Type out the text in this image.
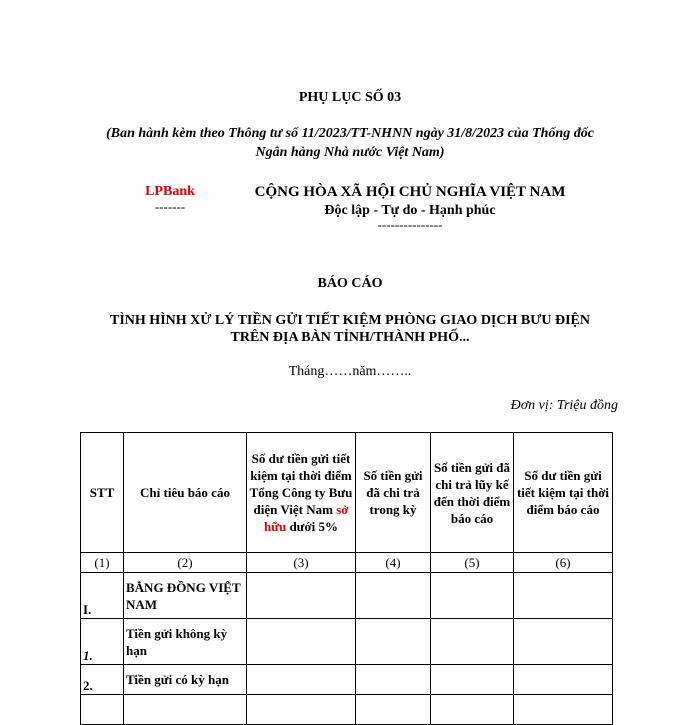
PHỤ LỤC SỐ 03
(Ban hành kèm theo Thông tư số 11/2023/TT-NHNN ngày 31/8/2023 của Thống đốc
Ngân hàng Nhà nước Việt Nam)
LPBank
-------
CỘNG HÒA XÃ HỘI CHỦ NGHĨA VIỆT NAM
Độc lập - Tự do - Hạnh phúc
---------------
BÁO CÁO
TÌNH HÌNH XỬ LÝ TIỀN GỬI TIẾT KIỆM PHÒNG GIAO DỊCH BƯU ĐIỆN
TRÊN ĐỊA BÀN TỈNH/THÀNH PHỐ...
Tháng……năm……..
Đơn vị: Triệu đồng
STT	Chỉ tiêu báo cáo	Số dư tiền gửi tiết kiệm tại thời điểm Tổng Công ty Bưu điện Việt Nam sở hữu dưới 5%	Số tiền gửi đã chi trả trong kỳ	Số tiền gửi đã chi trả lũy kế đến thời điểm báo cáo	Số dư tiền gửi tiết kiệm tại thời điểm báo cáo
(1)	(2)	(3)	(4)	(5)	(6)
I.	BẰNG ĐỒNG VIỆT NAM				
1.	Tiền gửi không kỳ hạn				
2.	Tiền gửi có kỳ hạn				
